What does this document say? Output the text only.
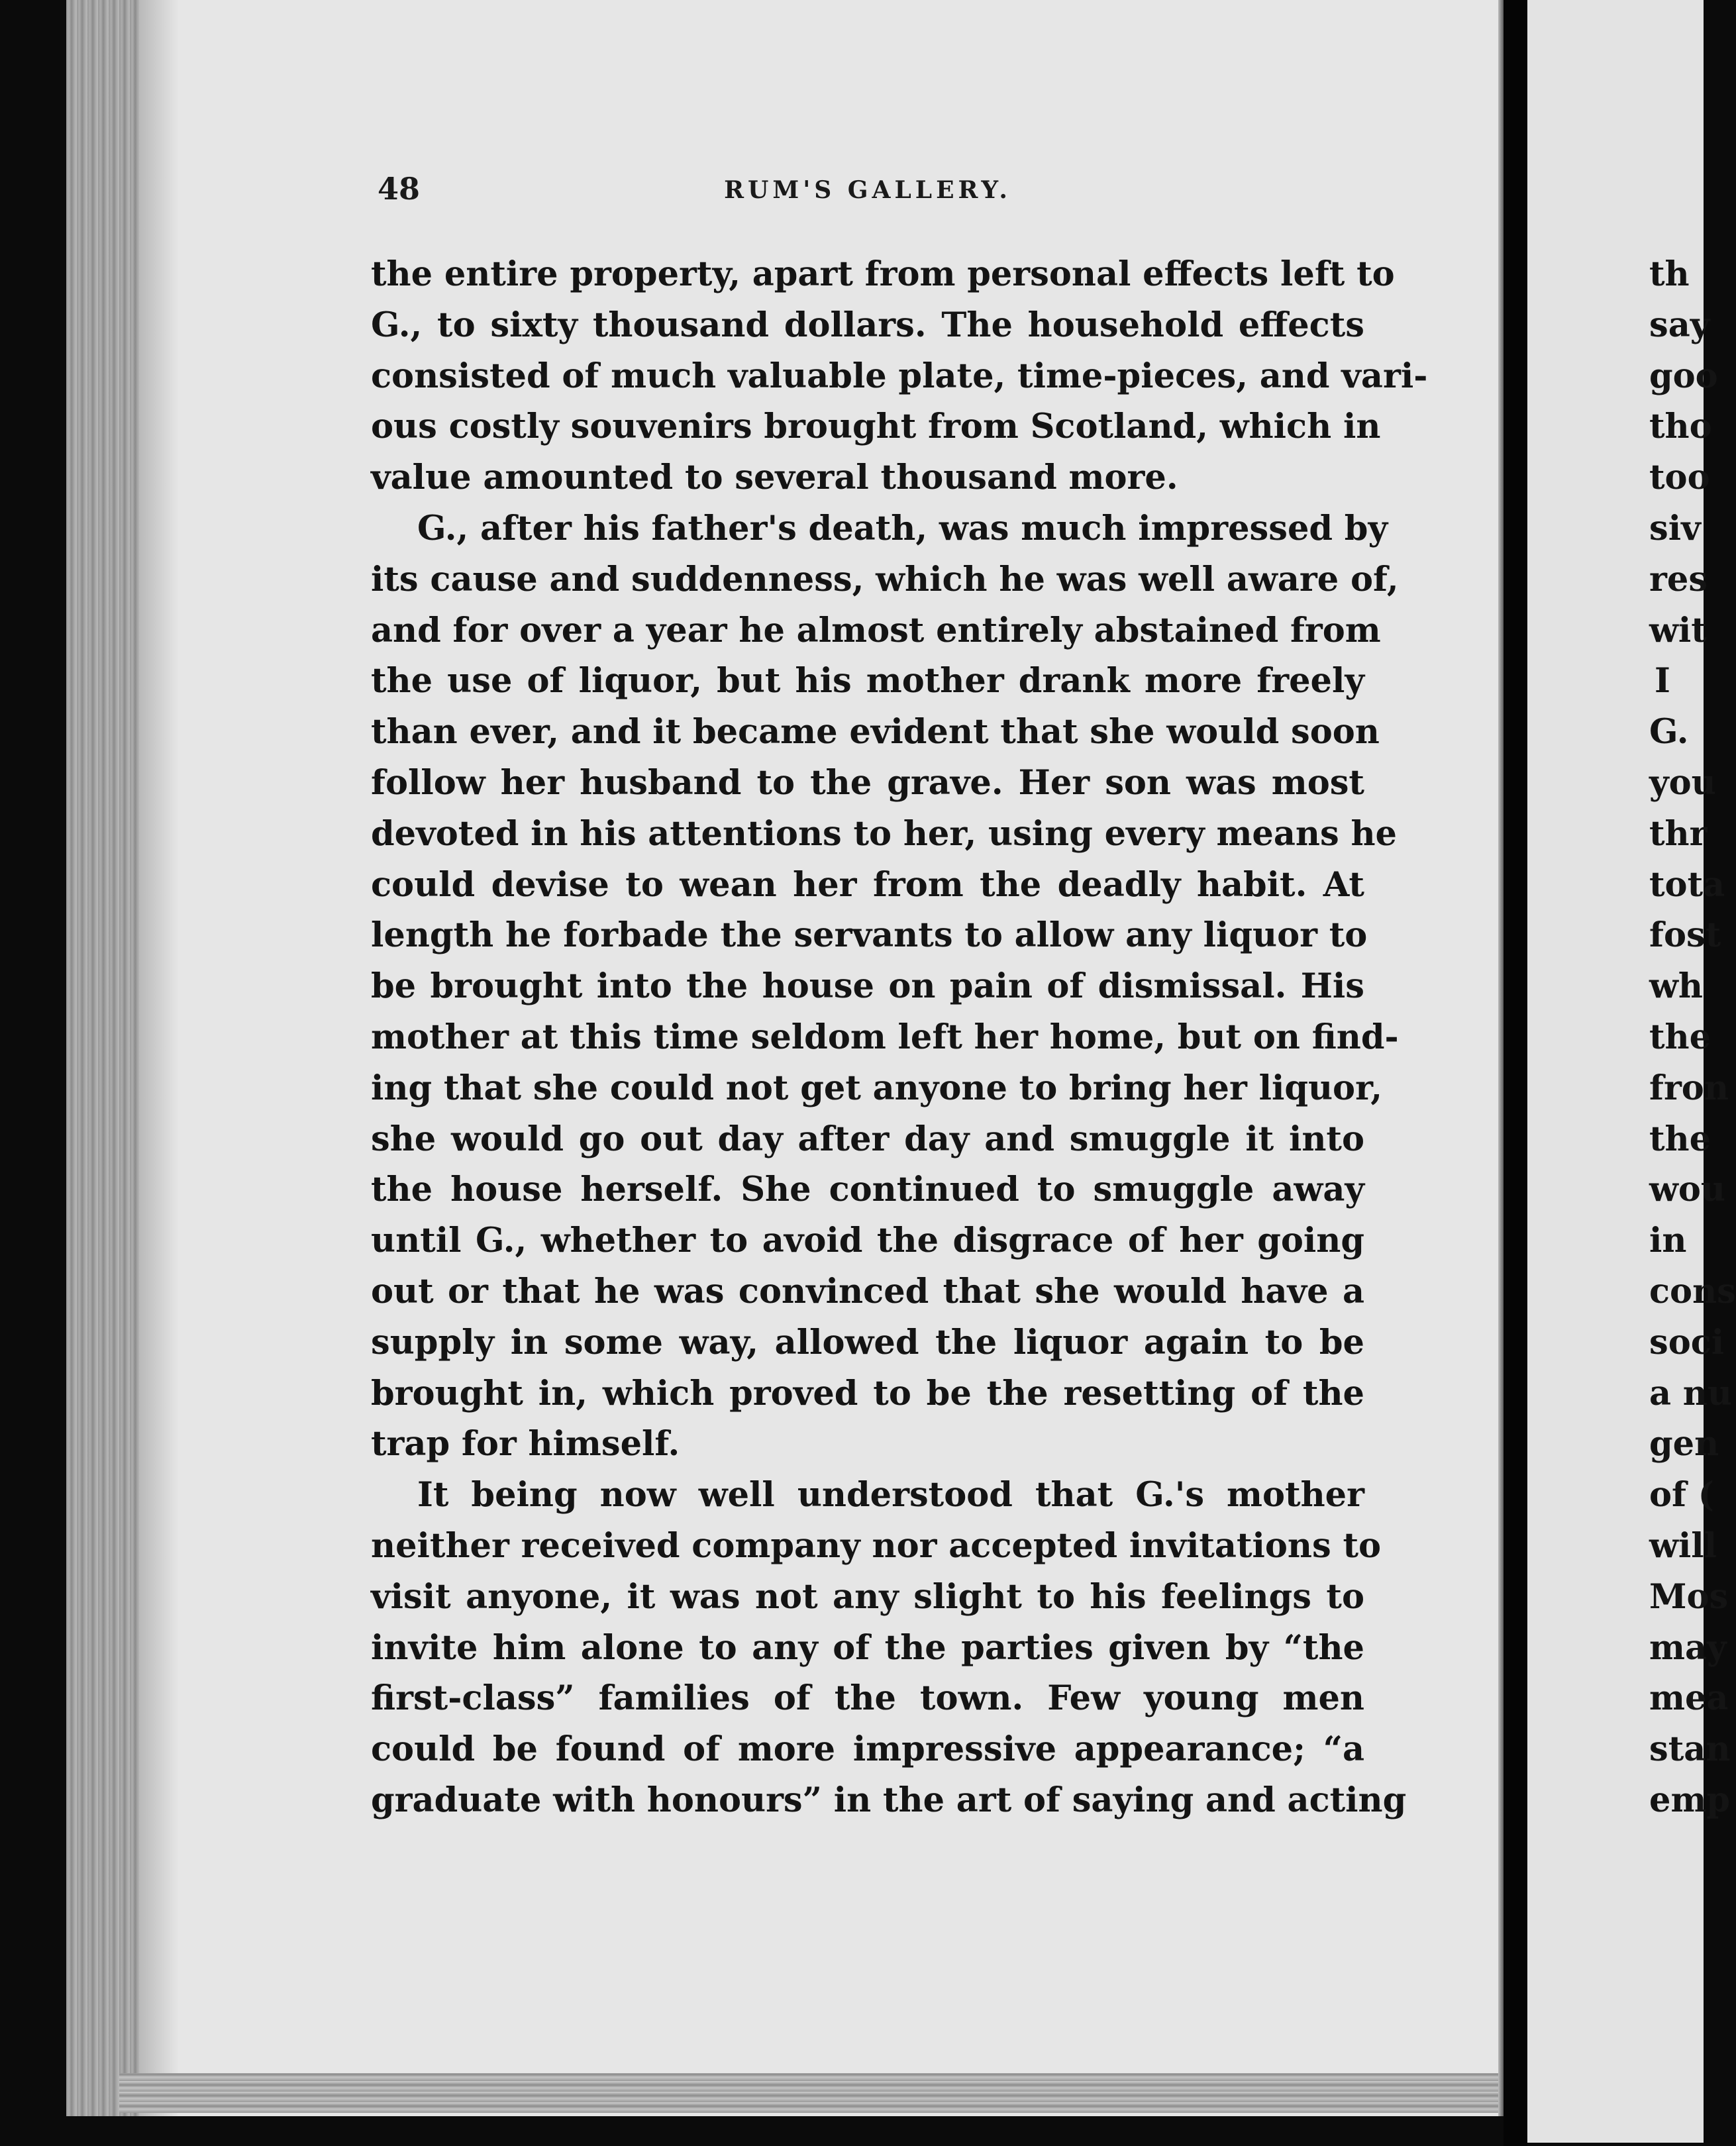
48	RUM'S GALLERY.
the entire property, apart from personal effects left to
G., to sixty thousand dollars. The household effects
consisted of much valuable plate, time-pieces, and vari-
ous costly souvenirs brought from Scotland, which in
value amounted to several thousand more.
G., after his father's death, was much impressed by
its cause and suddenness, which he was well aware of,
and for over a year he almost entirely abstained from
the use of liquor, but his mother drank more freely
than ever, and it became evident that she would soon
follow her husband to the grave. Her son was most
devoted in his attentions to her, using every means he
could devise to wean her from the deadly habit. At
length he forbade the servants to allow any liquor to
be brought into the house on pain of dismissal. His
mother at this time seldom left her home, but on find-
ing that she could not get anyone to bring her liquor,
she would go out day after day and smuggle it into
the house herself. She continued to smuggle away
until G., whether to avoid the disgrace of her going
out or that he was convinced that she would have a
supply in some way, allowed the liquor again to be
brought in, which proved to be the resetting of the
trap for himself.
It being now well understood that G.'s mother
neither received company nor accepted invitations to
visit anyone, it was not any slight to his feelings to
invite him alone to any of the parties given by “the
first-class” families of the town. Few young men
could be found of more impressive appearance; “a
graduate with honours” in the art of saying and acting
th
say
goo
tho
too
siv
res
wit
I
G.
you
thr
tota
fost
wh
the
fron
the
wou
in
cons
soci
a nu
gen
of (
will
Mos
may
mea
stan
emp
